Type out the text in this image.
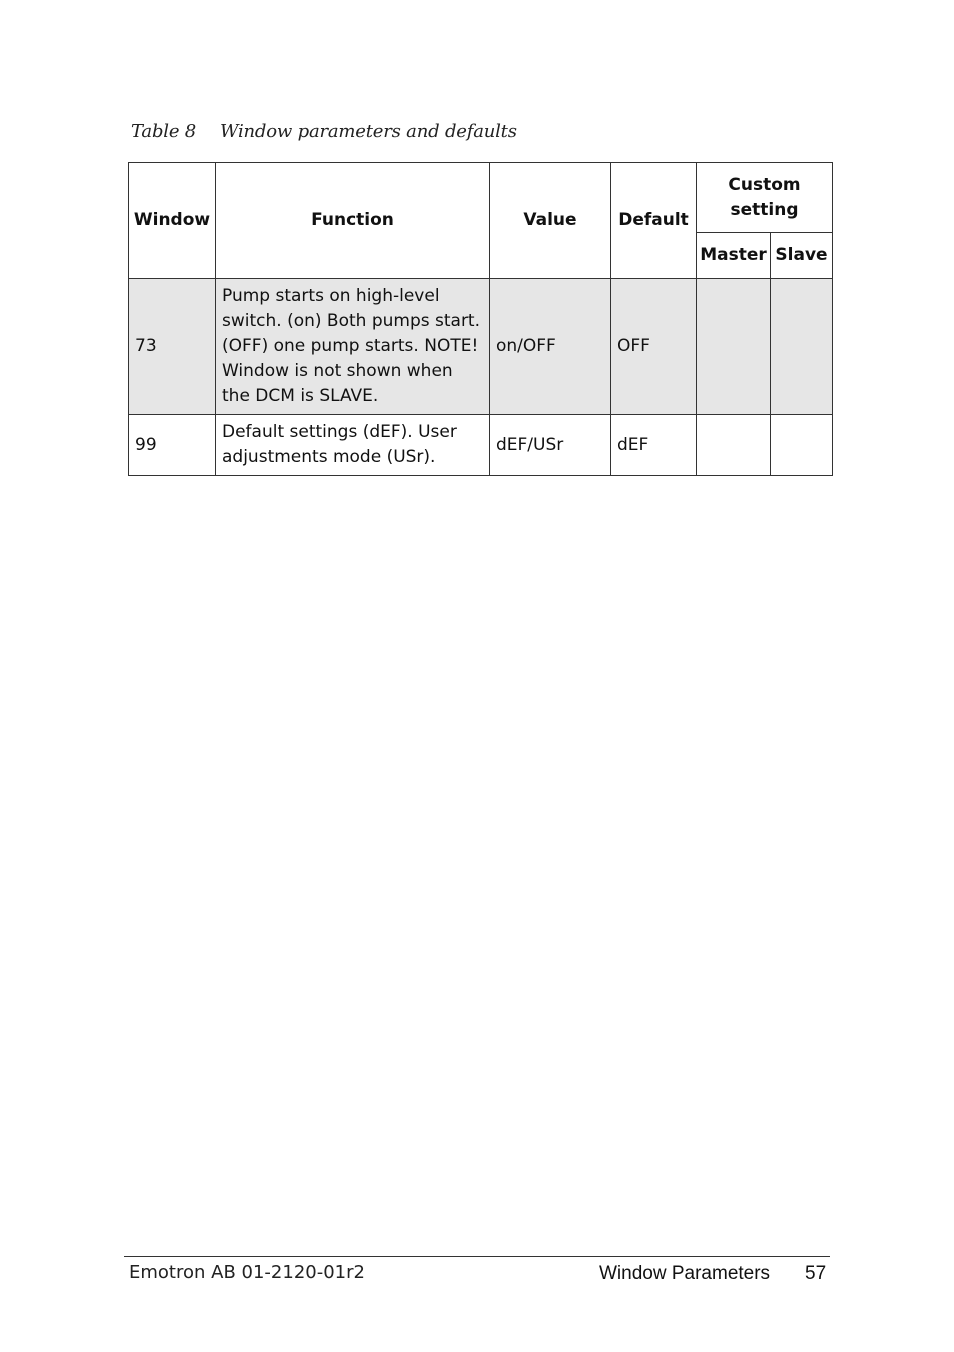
Table 8 Window parameters and defaults
Window	Function	Value	Default	Custom setting	
				Master	Slave
73	Pump starts on high-level switch. (on) Both pumps start. (OFF) one pump starts. NOTE! Window is not shown when the DCM is SLAVE.	on/OFF	OFF		
99	Default settings (dEF). User adjustments mode (USr).	dEF/USr	dEF		
Emotron AB 01-2120-01r2	Window Parameters 57
